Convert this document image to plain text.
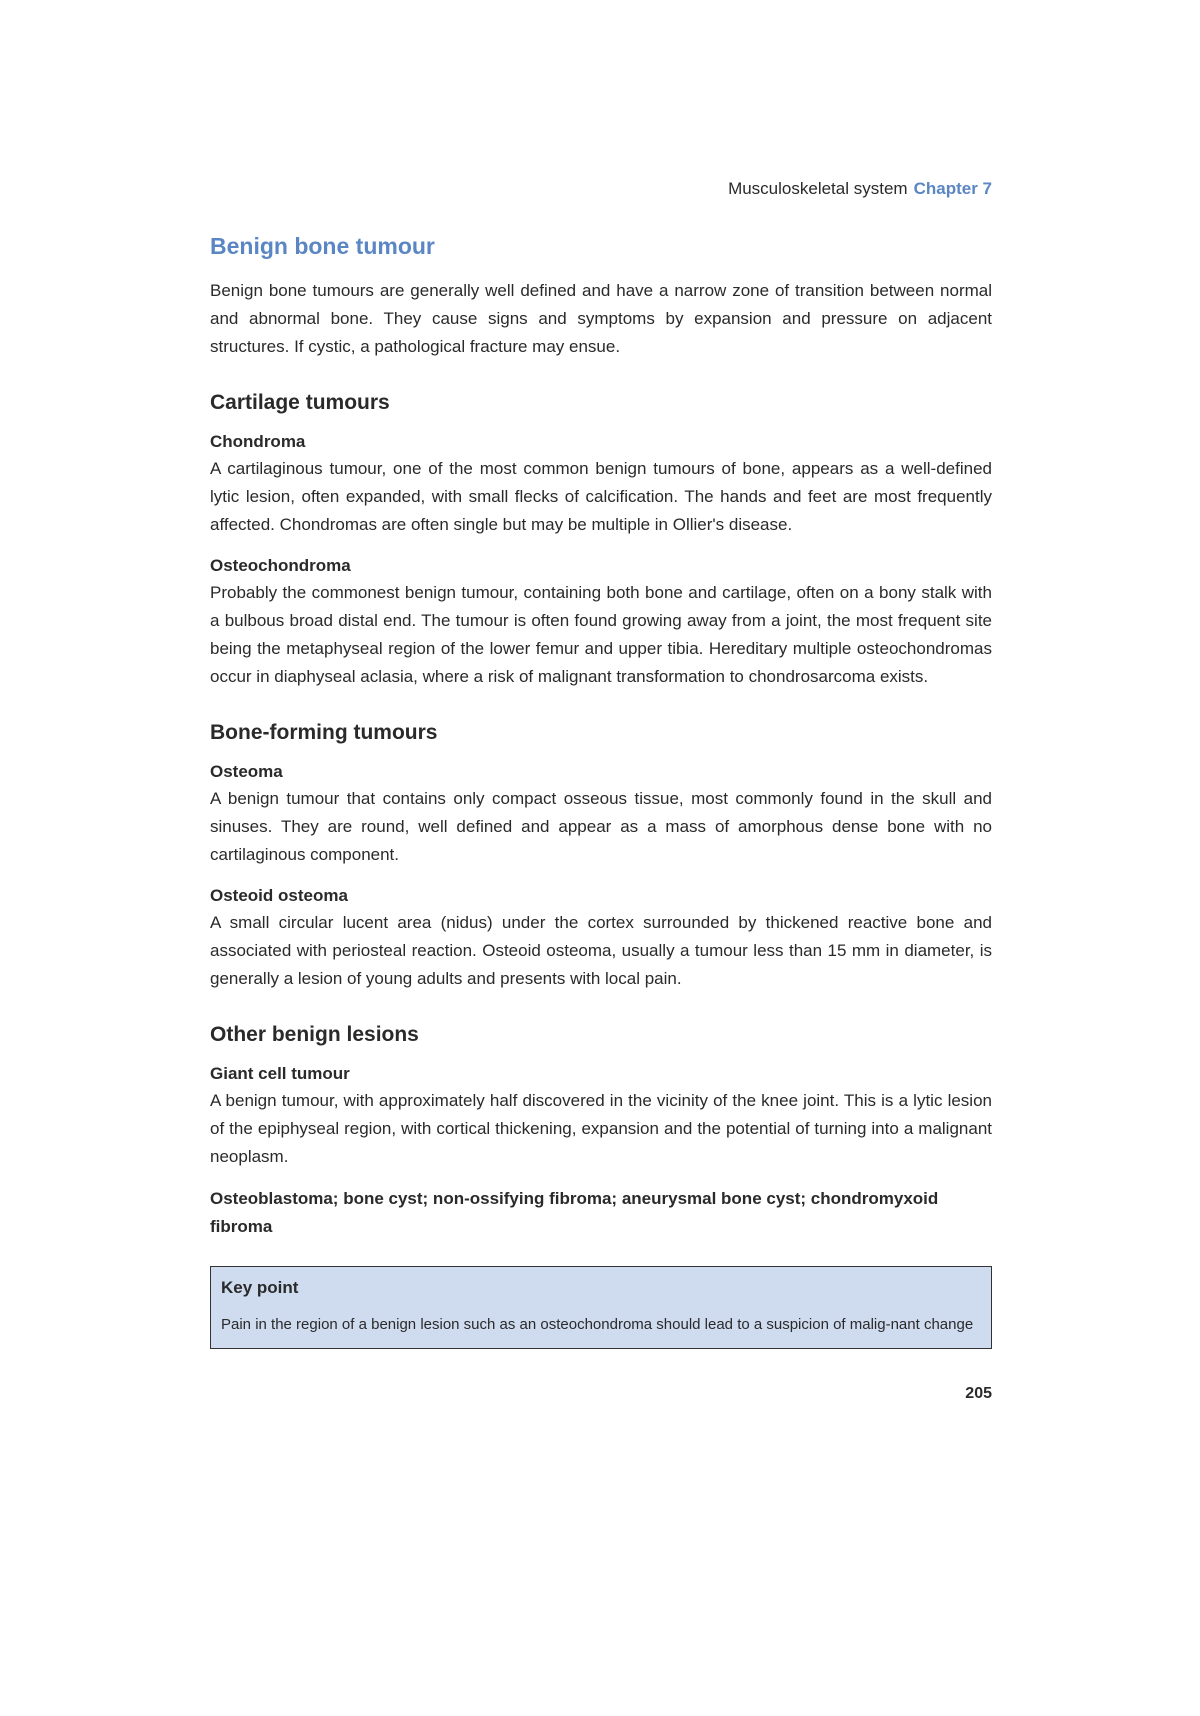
Musculoskeletal system Chapter 7
Benign bone tumour

Benign bone tumours are generally well defined and have a narrow zone of transition between normal and abnormal bone. They cause signs and symptoms by expansion and pressure on adjacent structures. If cystic, a pathological fracture may ensue.

Cartilage tumours
Chondroma

A cartilaginous tumour, one of the most common benign tumours of bone, appears as a well-defined lytic lesion, often expanded, with small flecks of calcification. The hands and feet are most frequently affected. Chondromas are often single but may be multiple in Ollier's disease.

Osteochondroma

Probably the commonest benign tumour, containing both bone and cartilage, often on a bony stalk with a bulbous broad distal end. The tumour is often found growing away from a joint, the most frequent site being the metaphyseal region of the lower femur and upper tibia. Hereditary multiple osteochondromas occur in diaphyseal aclasia, where a risk of malignant transformation to chondrosarcoma exists.

Bone-forming tumours
Osteoma

A benign tumour that contains only compact osseous tissue, most commonly found in the skull and sinuses. They are round, well defined and appear as a mass of amorphous dense bone with no cartilaginous component.

Osteoid osteoma

A small circular lucent area (nidus) under the cortex surrounded by thickened reactive bone and associated with periosteal reaction. Osteoid osteoma, usually a tumour less than 15 mm in diameter, is generally a lesion of young adults and presents with local pain.

Other benign lesions
Giant cell tumour

A benign tumour, with approximately half discovered in the vicinity of the knee joint. This is a lytic lesion of the epiphyseal region, with cortical thickening, expansion and the potential of turning into a malignant neoplasm.

Osteoblastoma; bone cyst; non-ossifying fibroma; aneurysmal bone cyst; chondromyxoid fibroma
Key point

Pain in the region of a benign lesion such as an osteochondroma should lead to a suspicion of malig-nant change

205
